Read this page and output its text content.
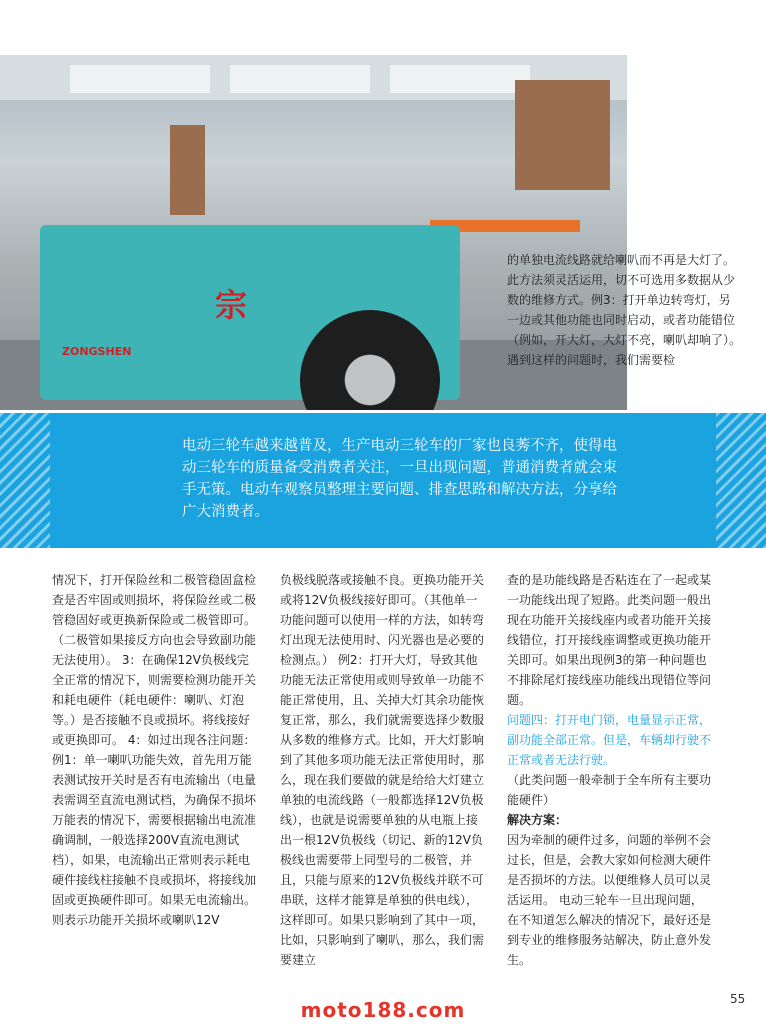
ZONGSHEN
宗
的单独电流线路就给喇叭而不再是大灯了。此方法须灵活运用，切不可选用多数据从少数的维修方式。例3：打开单边转弯灯，另一边或其他功能也同时启动，或者功能错位（例如，开大灯，大灯不亮，喇叭却响了）。遇到这样的问题时，我们需要检
电动三轮车越来越普及，生产电动三轮车的厂家也良莠不齐，使得电动三轮车的质量备受消费者关注，一旦出现问题，普通消费者就会束手无策。电动车观察员整理主要问题、排查思路和解决方法，分享给广大消费者。

情况下，打开保险丝和二极管稳固盒检查是否牢固或则损坏，将保险丝或二极管稳固好或更换新保险或二极管即可。（二极管如果接反方向也会导致副功能无法使用）。 3：在确保12V负极线完全正常的情况下，则需要检测功能开关和耗电硬件（耗电硬件：喇叭、灯泡等。）是否接触不良或损坏。将线接好或更换即可。 4：如过出现各注问题： 例1：单一喇叭功能失效，首先用万能表测试按开关时是否有电流输出（电量表需调至直流电测试档，为确保不损坏万能表的情况下，需要根据输出电流准确调制，一般选择200V直流电测试档），如果，电流输出正常则表示耗电硬件接线柱接触不良或损坏，将接线加固或更换硬件即可。如果无电流输出。则表示功能开关损坏或喇叭12V

负极线脱落或接触不良。更换功能开关或将12V负极线接好即可。（其他单一功能问题可以使用一样的方法，如转弯灯出现无法使用时、闪光器也是必要的检测点。） 例2：打开大灯，导致其他功能无法正常使用或则导致单一功能不能正常使用，且、关掉大灯其余功能恢复正常，那么，我们就需要选择少数服从多数的维修方式。比如，开大灯影响到了其他多项功能无法正常使用时，那么，现在我们要做的就是给给大灯建立单独的电流线路（一般都选择12V负极线），也就是说需要单独的从电瓶上接出一根12V负极线（切记、新的12V负极线也需要带上同型号的二极管，并且，只能与原来的12V负极线并联不可串联，这样才能算是单独的供电线），这样即可。如果只影响到了其中一项，比如，只影响到了喇叭，那么，我们需要建立

查的是功能线路是否粘连在了一起或某一功能线出现了短路。此类问题一般出现在功能开关接线座内或者功能开关接线错位，打开接线座调整或更换功能开关即可。如果出现例3的第一种问题也不排除尾灯接线座功能线出现错位等问题。

问题四：打开电门锁，电量显示正常，副功能全部正常。但是，车辆却行驶不正常或者无法行驶。

（此类问题一般牵制于全车所有主要功能硬件）

解决方案：

因为牵制的硬件过多，问题的举例不会过长，但是，会教大家如何检测大硬件是否损坏的方法。以便维修人员可以灵活运用。 电动三轮车一旦出现问题，在不知道怎么解决的情况下，最好还是到专业的维修服务站解决，防止意外发生。

moto188.com	55
